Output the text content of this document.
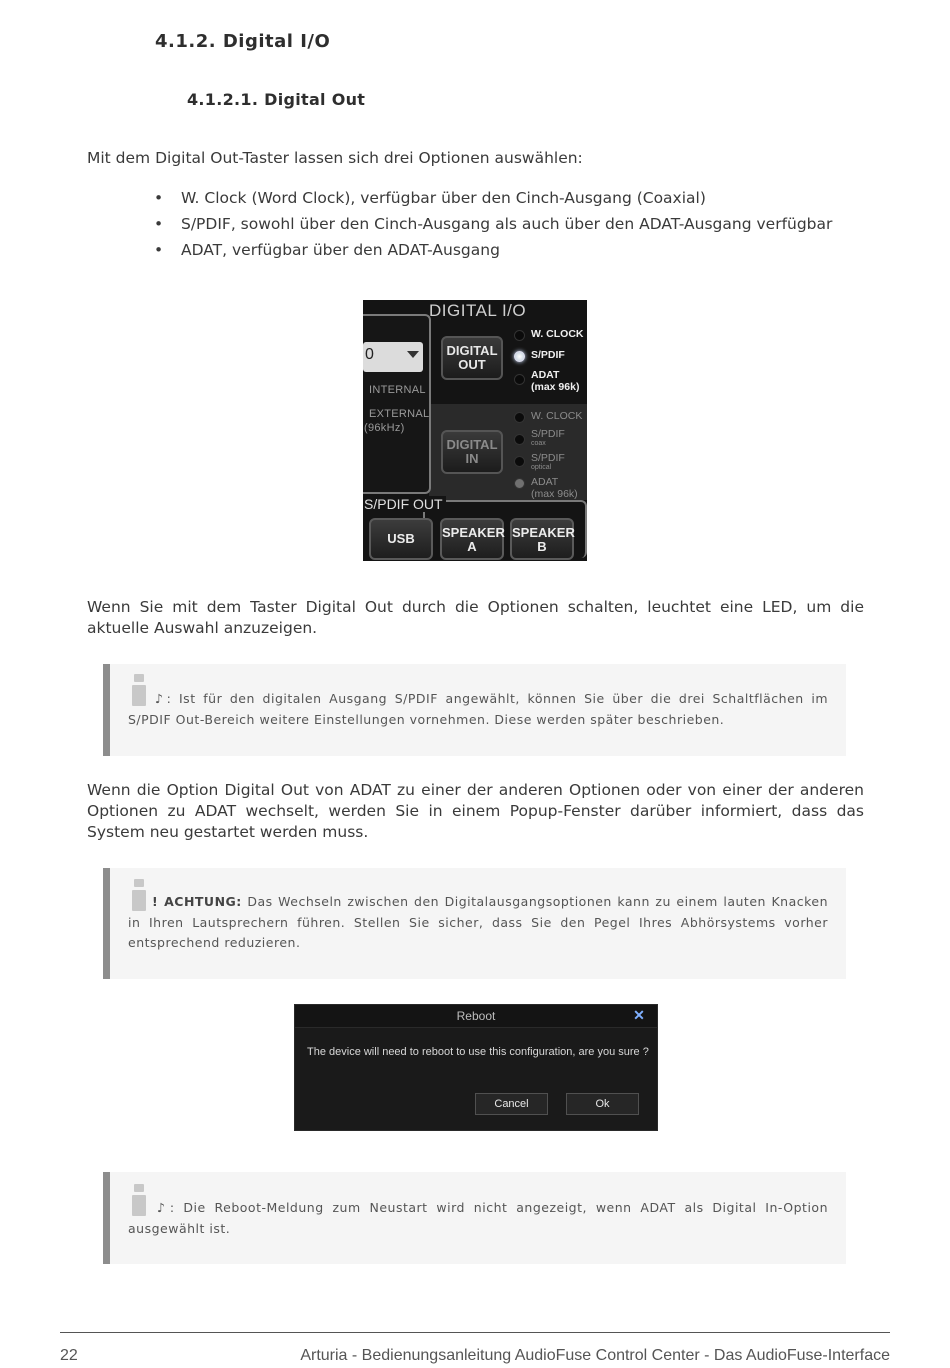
4.1.2. Digital I/O
4.1.2.1. Digital Out
Mit dem Digital Out-Taster lassen sich drei Optionen auswählen:
• W. Clock (Word Clock), verfügbar über den Cinch-Ausgang (Coaxial)
• S/PDIF, sowohl über den Cinch-Ausgang als auch über den ADAT-Ausgang verfügbar
• ADAT, verfügbar über den ADAT-Ausgang
0
INTERNAL
EXTERNAL
(96kHz)
DIGITAL I/O
DIGITAL
OUT
DIGITAL
IN
W. CLOCK
S/PDIF
ADAT
(max 96k)
W. CLOCK
S/PDIF
coax
S/PDIF
optical
ADAT
(max 96k)
S/PDIF OUT
USB	SPEAKER
A
SPEAKER
B
Wenn Sie mit dem Taster Digital Out durch die Optionen schalten, leuchtet eine LED, um die aktuelle Auswahl anzuzeigen.
♪: Ist für den digitalen Ausgang S/PDIF angewählt, können Sie über die drei Schaltflächen im S/PDIF Out-Bereich weitere Einstellungen vornehmen. Diese werden später beschrieben.
Wenn die Option Digital Out von ADAT zu einer der anderen Optionen oder von einer der anderen Optionen zu ADAT wechselt, werden Sie in einem Popup-Fenster darüber informiert, dass das System neu gestartet werden muss.
! ACHTUNG: Das Wechseln zwischen den Digitalausgangsoptionen kann zu einem lauten Knacken in Ihren Lautsprechern führen. Stellen Sie sicher, dass Sie den Pegel Ihres Abhörsystems vorher entsprechend reduzieren.
Reboot	✕
The device will need to reboot to use this configuration, are you sure ?
Cancel	Ok
♪: Die Reboot-Meldung zum Neustart wird nicht angezeigt, wenn ADAT als Digital In-Option ausgewählt ist.
22	Arturia - Bedienungsanleitung AudioFuse Control Center - Das AudioFuse-Interface
